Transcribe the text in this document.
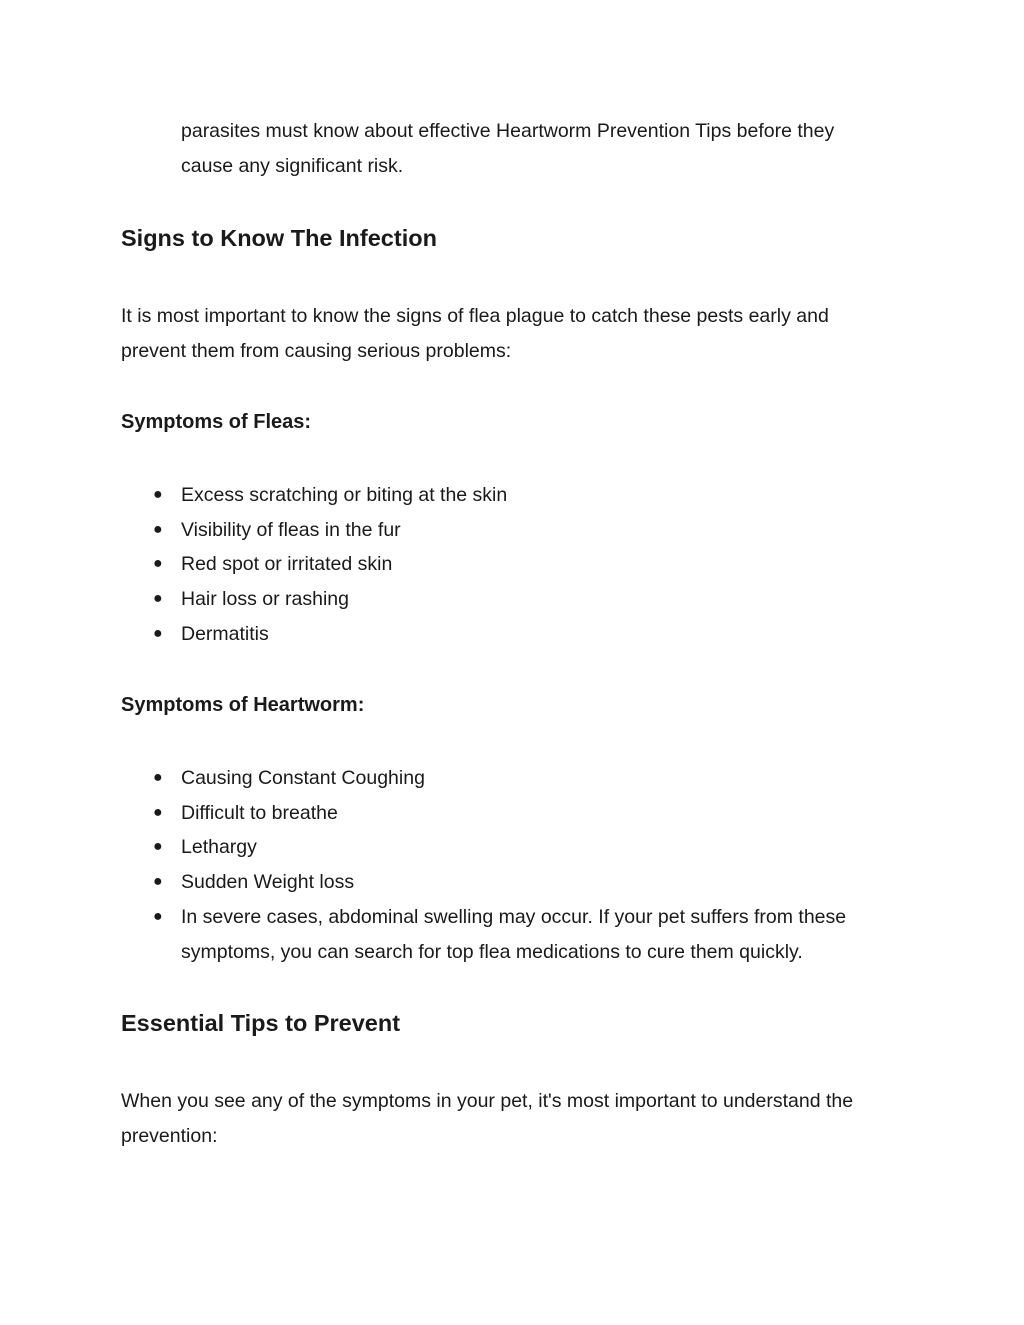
parasites must know about effective Heartworm Prevention Tips before they cause any significant risk.

Signs to Know The Infection

It is most important to know the signs of flea plague to catch these pests early and prevent them from causing serious problems:

Symptoms of Fleas:
● Excess scratching or biting at the skin
● Visibility of fleas in the fur
● Red spot or irritated skin
● Hair loss or rashing
● Dermatitis
Symptoms of Heartworm:
● Causing Constant Coughing
● Difficult to breathe
● Lethargy
● Sudden Weight loss
● In severe cases, abdominal swelling may occur. If your pet suffers from these symptoms, you can search for top flea medications to cure them quickly.
Essential Tips to Prevent

When you see any of the symptoms in your pet, it's most important to understand the prevention:
